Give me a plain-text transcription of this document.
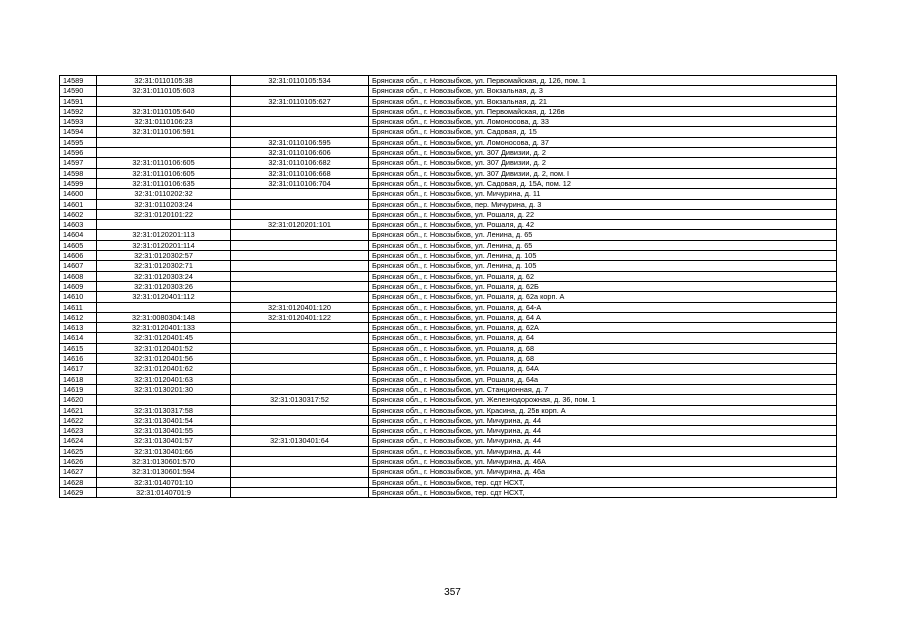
14589	32:31:0110105:38	32:31:0110105:534	Брянская обл., г. Новозыбков, ул. Первомайская, д. 126, пом. 1
14590	32:31:0110105:603		Брянская обл., г. Новозыбков, ул. Вокзальная, д. 3
14591		32:31:0110105:627	Брянская обл., г. Новозыбков, ул. Вокзальная, д. 21
14592	32:31:0110105:640		Брянская обл., г. Новозыбков, ул. Первомайская, д. 126в
14593	32:31:0110106:23		Брянская обл., г. Новозыбков, ул. Ломоносова, д. 33
14594	32:31:0110106:591		Брянская обл., г. Новозыбков, ул. Садовая, д. 15
14595		32:31:0110106:595	Брянская обл., г. Новозыбков, ул. Ломоносова, д. 37
14596		32:31:0110106:606	Брянская обл., г. Новозыбков, ул. 307 Дивизии, д. 2
14597	32:31:0110106:605	32:31:0110106:682	Брянская обл., г. Новозыбков, ул. 307 Дивизии, д. 2
14598	32:31:0110106:605	32:31:0110106:668	Брянская обл., г. Новозыбков, ул. 307 Дивизии, д. 2, пом. I
14599	32:31:0110106:635	32:31:0110106:704	Брянская обл., г. Новозыбков, ул. Садовая, д. 15А, пом. 12
14600	32:31:0110202:32		Брянская обл., г. Новозыбков, ул. Мичурина, д. 11
14601	32:31:0110203:24		Брянская обл., г. Новозыбков, пер. Мичурина, д. 3
14602	32:31:0120101:22		Брянская обл., г. Новозыбков, ул. Рошаля, д. 22
14603		32:31:0120201:101	Брянская обл., г. Новозыбков, ул. Рошаля, д. 42
14604	32:31:0120201:113		Брянская обл., г. Новозыбков, ул. Ленина, д. 65
14605	32:31:0120201:114		Брянская обл., г. Новозыбков, ул. Ленина, д. 65
14606	32:31:0120302:57		Брянская обл., г. Новозыбков, ул. Ленина, д. 105
14607	32:31:0120302:71		Брянская обл., г. Новозыбков, ул. Ленина, д. 105
14608	32:31:0120303:24		Брянская обл., г. Новозыбков, ул. Рошаля, д. 62
14609	32:31:0120303:26		Брянская обл., г. Новозыбков, ул. Рошаля, д. 62Б
14610	32:31:0120401:112		Брянская обл., г. Новозыбков, ул. Рошаля, д. 62а корп. А
14611		32:31:0120401:120	Брянская обл., г. Новозыбков, ул. Рошаля, д. 64-А
14612	32:31:0080304:148	32:31:0120401:122	Брянская обл., г. Новозыбков, ул. Рошаля, д. 64 А
14613	32:31:0120401:133		Брянская обл., г. Новозыбков, ул. Рошаля, д. 62А
14614	32:31:0120401:45		Брянская обл., г. Новозыбков, ул. Рошаля, д. 64
14615	32:31:0120401:52		Брянская обл., г. Новозыбков, ул. Рошаля, д. 68
14616	32:31:0120401:56		Брянская обл., г. Новозыбков, ул. Рошаля, д. 68
14617	32:31:0120401:62		Брянская обл., г. Новозыбков, ул. Рошаля, д. 64А
14618	32:31:0120401:63		Брянская обл., г. Новозыбков, ул. Рошаля, д. 64а
14619	32:31:0130201:30		Брянская обл., г. Новозыбков, ул. Станционная, д. 7
14620		32:31:0130317:52	Брянская обл., г. Новозыбков, ул. Железнодорожная, д. 36, пом. 1
14621	32:31:0130317:58		Брянская обл., г. Новозыбков, ул. Красина, д. 25в корп. А
14622	32:31:0130401:54		Брянская обл., г. Новозыбков, ул. Мичурина, д. 44
14623	32:31:0130401:55		Брянская обл., г. Новозыбков, ул. Мичурина, д. 44
14624	32:31:0130401:57	32:31:0130401:64	Брянская обл., г. Новозыбков, ул. Мичурина, д. 44
14625	32:31:0130401:66		Брянская обл., г. Новозыбков, ул. Мичурина, д. 44
14626	32:31:0130601:570		Брянская обл., г. Новозыбков, ул. Мичурина, д. 46А
14627	32:31:0130601:594		Брянская обл., г. Новозыбков, ул. Мичурина, д. 46а
14628	32:31:0140701:10		Брянская обл., г. Новозыбков, тер. сдт НСХТ,
14629	32:31:0140701:9		Брянская обл., г. Новозыбков, тер. сдт НСХТ,
357
